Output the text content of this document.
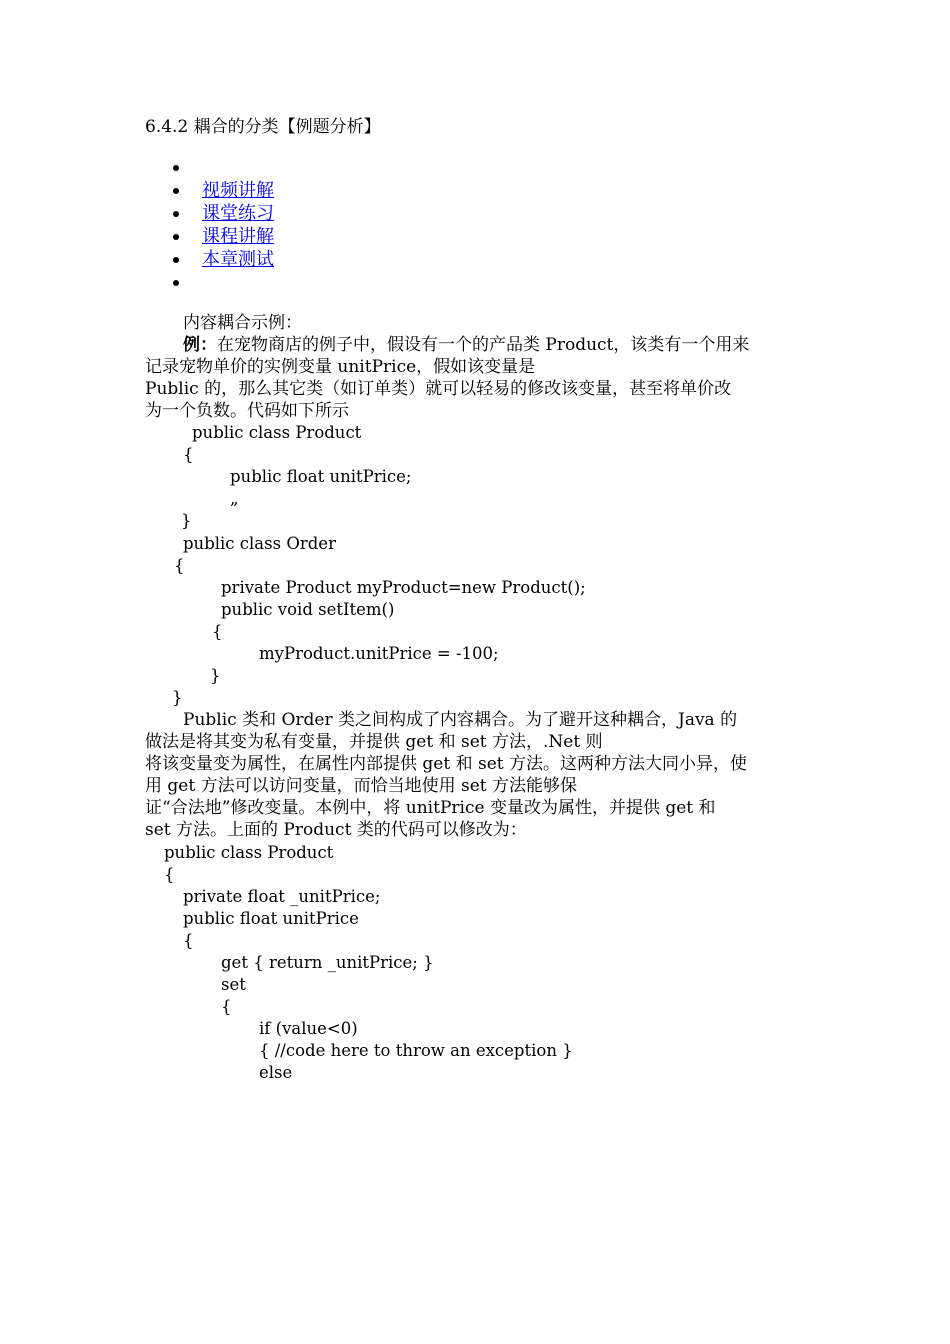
6.4.2 耦合的分类【例题分析】
视频讲解
课堂练习
课程讲解
本章测试
内容耦合示例：
例：在宠物商店的例子中，假设有一个的产品类 Product，该类有一个用来
记录宠物单价的实例变量 unitPrice，假如该变量是
Public 的，那么其它类（如订单类）就可以轻易的修改该变量，甚至将单价改
为一个负数。代码如下所示
public class Product
{
public float unitPrice;
„
}
public class Order
{
private Product myProduct=new Product();
public void setItem()
{
myProduct.unitPrice = -100;
}
}
Public 类和 Order 类之间构成了内容耦合。为了避开这种耦合，Java 的
做法是将其变为私有变量，并提供 get 和 set 方法，.Net 则
将该变量变为属性，在属性内部提供 get 和 set 方法。这两种方法大同小异，使
用 get 方法可以访问变量，而恰当地使用 set 方法能够保
证“合法地”修改变量。本例中，将 unitPrice 变量改为属性，并提供 get 和
set 方法。上面的 Product 类的代码可以修改为：
public class Product
{
private float _unitPrice;
public float unitPrice
{
get { return _unitPrice; }
set
{
if (value<0)
{ //code here to throw an exception }
else
